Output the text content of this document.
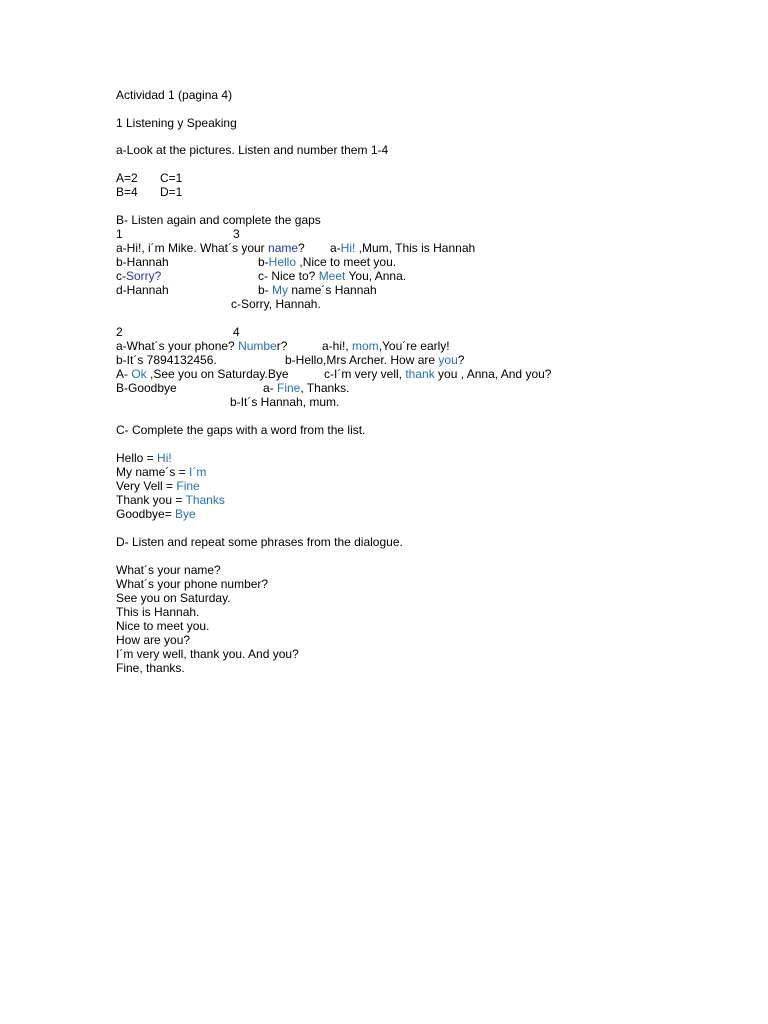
Actividad 1 (pagina 4)
1 Listening y Speaking
a-Look at the pictures. Listen and number them 1-4
A=2 C=1
B=4 D=1
B- Listen again and complete the gaps
1	3
a-Hi!, i´m Mike. What´s your name?
b-Hannah
c-Sorry?
d-Hannah
a-Hi! ,Mum, This is Hannah
b-Hello ,Nice to meet you.
c- Nice to? Meet You, Anna.
b- My name´s Hannah
c-Sorry, Hannah.
2	4
a-What´s your phone? Number?
b-It´s 7894132456.
A- Ok ,See you on Saturday.Bye
B-Goodbye
a-hi!, mom,You´re early!
b-Hello,Mrs Archer. How are you?
c-I´m very vell, thank you , Anna, And you?
a- Fine, Thanks.
b-It´s Hannah, mum.
C- Complete the gaps with a word from the list.
Hello = Hi!
My name´s = I´m
Very Vell = Fine
Thank you = Thanks
Goodbye= Bye
D- Listen and repeat some phrases from the dialogue.
What´s your name?
What´s your phone number?
See you on Saturday.
This is Hannah.
Nice to meet you.
How are you?
I´m very well, thank you. And you?
Fine, thanks.
